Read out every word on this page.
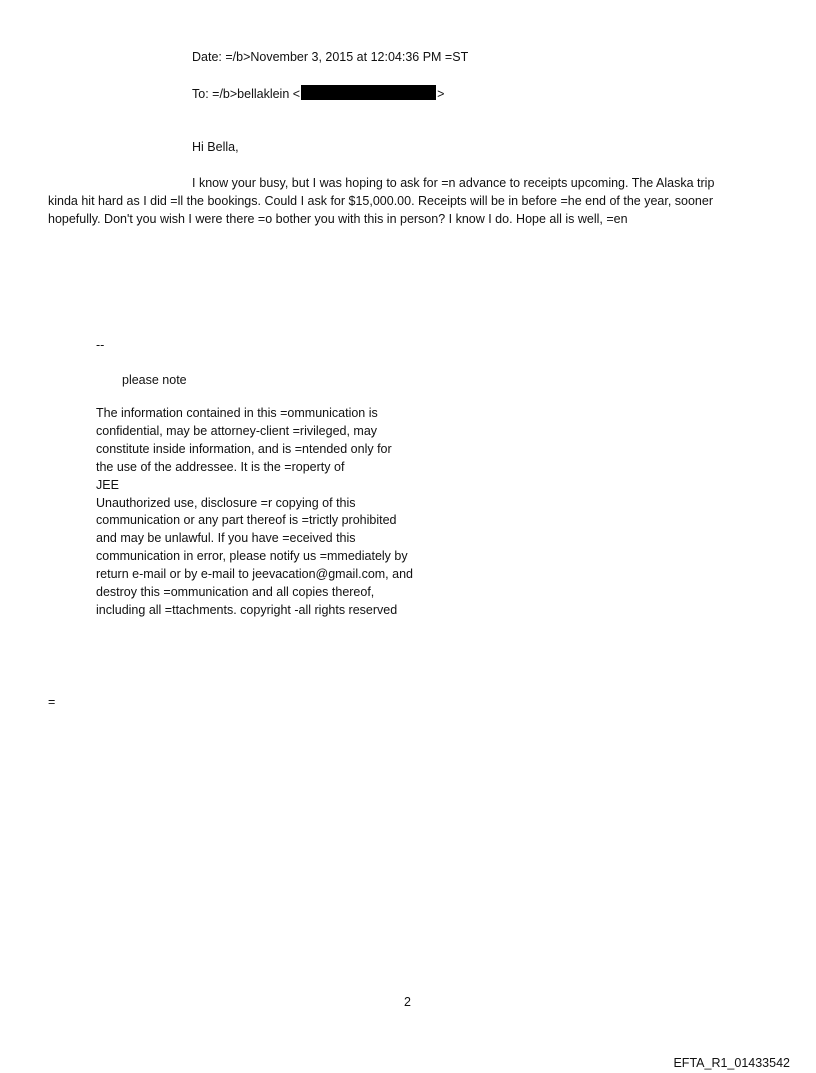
Date: =/b>November 3, 2015 at 12:04:36 PM =ST
To: =/b>bellaklein <	>
Hi Bella,
I know your busy, but I was hoping to ask for =n advance to receipts upcoming. The Alaska trip
kinda hit hard as I did =ll the bookings. Could I ask for $15,000.00. Receipts will be in before =he end of the year, sooner
hopefully. Don't you wish I were there =o bother you with this in person? I know I do. Hope all is well, =en
--
please note
The information contained in this =ommunication is
confidential, may be attorney-client =rivileged, may
constitute inside information, and is =ntended only for
the use of the addressee. It is the =roperty of
JEE
Unauthorized use, disclosure =r copying of this
communication or any part thereof is =trictly prohibited
and may be unlawful. If you have =eceived this
communication in error, please notify us =mmediately by
return e-mail or by e-mail to jeevacation@gmail.com, and
destroy this =ommunication and all copies thereof,
including all =ttachments. copyright -all rights reserved
=
2
EFTA_R1_01433542
